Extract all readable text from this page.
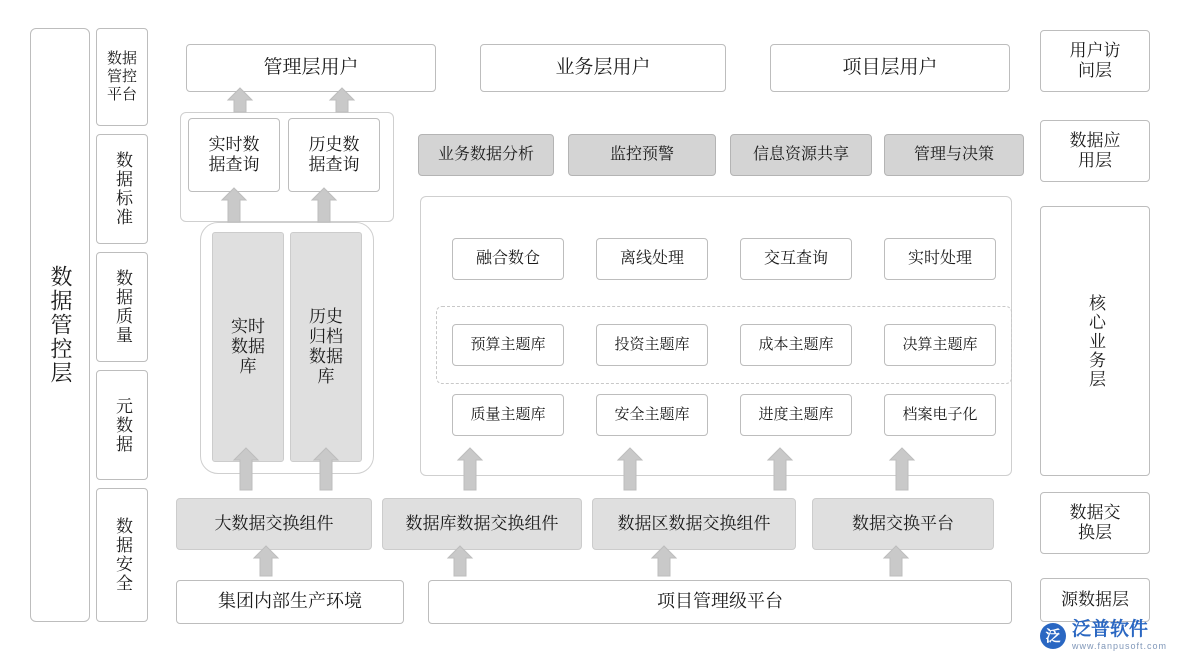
数据管控层
数据管控平台
数据标准
数据质量
元数据
数据安全
用户访问层
数据应用层
核心业务层
数据交换层
源数据层
管理层用户	业务层用户	项目层用户
实时数据查询
历史数据查询
业务数据分析	监控预警	信息资源共享	管理与决策
实时数据库
历史归档数据库
融合数仓	离线处理	交互查询	实时处理
预算主题库	投资主题库	成本主题库	决算主题库
质量主题库	安全主题库	进度主题库	档案电子化
大数据交换组件	数据库数据交换组件	数据区数据交换组件	数据交换平台
集团内部生产环境	项目管理级平台
泛 泛普软件
www.fanpusoft.com
